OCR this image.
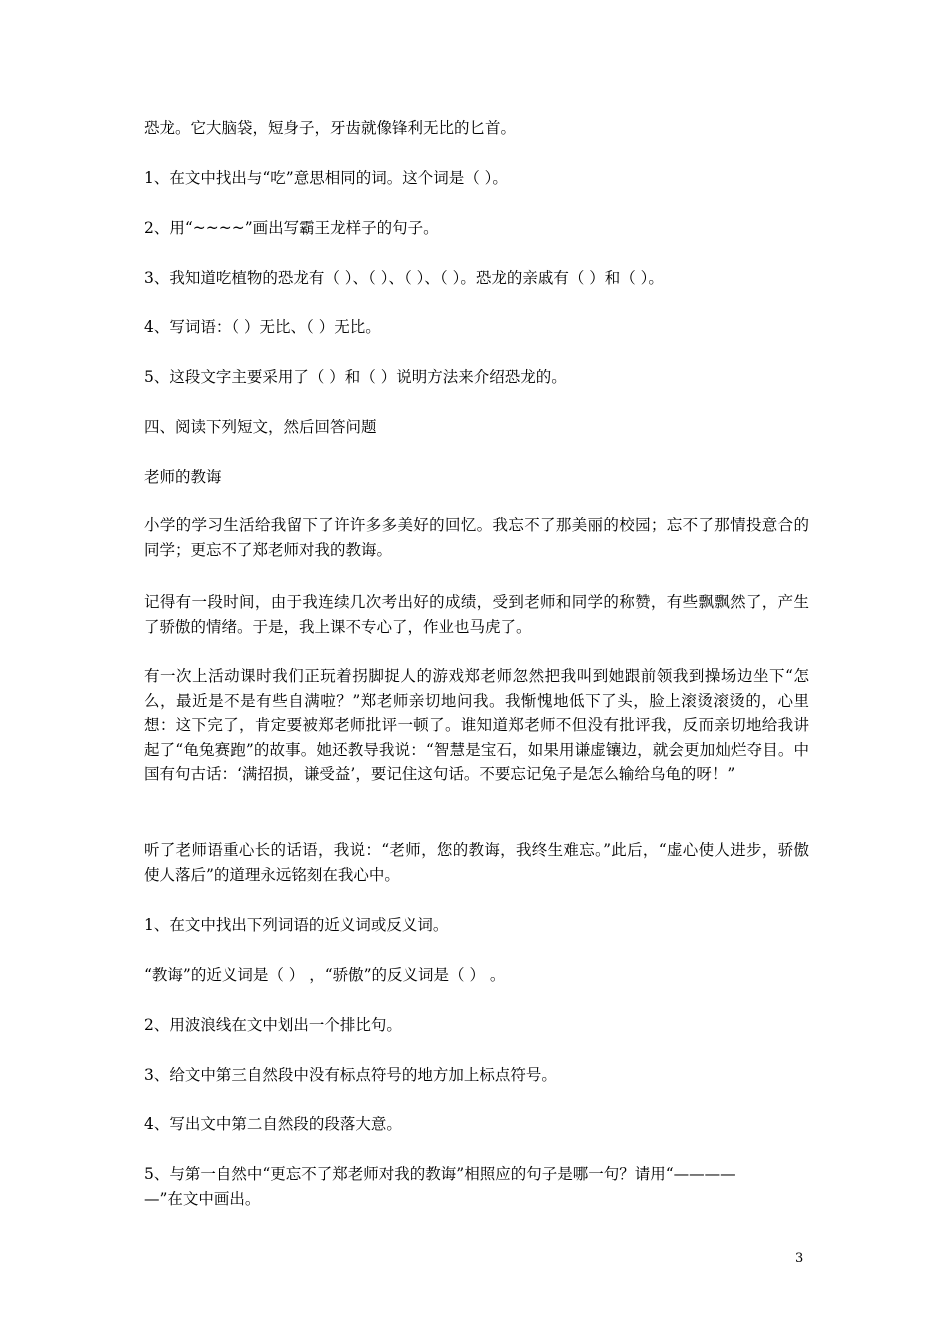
恐龙。它大脑袋，短身子，牙齿就像锋利无比的匕首。

1、在文中找出与“吃”意思相同的词。这个词是（ ）。

2、用“~~~~”画出写霸王龙样子的句子。

3、我知道吃植物的恐龙有（ ）、（ ）、（ ）、（ ）。恐龙的亲戚有（ ）和（ ）。

4、写词语：（ ）无比、（ ）无比。

5、这段文字主要采用了（ ）和（ ）说明方法来介绍恐龙的。

四、阅读下列短文，然后回答问题

老师的教诲

小学的学习生活给我留下了许许多多美好的回忆。我忘不了那美丽的校园；忘不了那情投意合的同学；更忘不了郑老师对我的教诲。

记得有一段时间，由于我连续几次考出好的成绩，受到老师和同学的称赞，有些飘飘然了，产生了骄傲的情绪。于是，我上课不专心了，作业也马虎了。

有一次上活动课时我们正玩着拐脚捉人的游戏郑老师忽然把我叫到她跟前领我到操场边坐下“怎么，最近是不是有些自满啦？”郑老师亲切地问我。我惭愧地低下了头，脸上滚烫滚烫的，心里想：这下完了，肯定要被郑老师批评一顿了。谁知道郑老师不但没有批评我，反而亲切地给我讲起了“龟兔赛跑”的故事。她还教导我说：“智慧是宝石，如果用谦虚镶边，就会更加灿烂夺目。中国有句古话：‘满招损，谦受益’，要记住这句话。不要忘记兔子是怎么输给乌龟的呀！”

听了老师语重心长的话语，我说：“老师，您的教诲，我终生难忘。”此后，“虚心使人进步，骄傲使人落后”的道理永远铭刻在我心中。

1、在文中找出下列词语的近义词或反义词。

“教诲”的近义词是（ ） ，“骄傲”的反义词是（ ） 。

2、用波浪线在文中划出一个排比句。

3、给文中第三自然段中没有标点符号的地方加上标点符号。

4、写出文中第二自然段的段落大意。

5、与第一自然中“更忘不了郑老师对我的教诲”相照应的句子是哪一句？请用“————

—”在文中画出。

3
